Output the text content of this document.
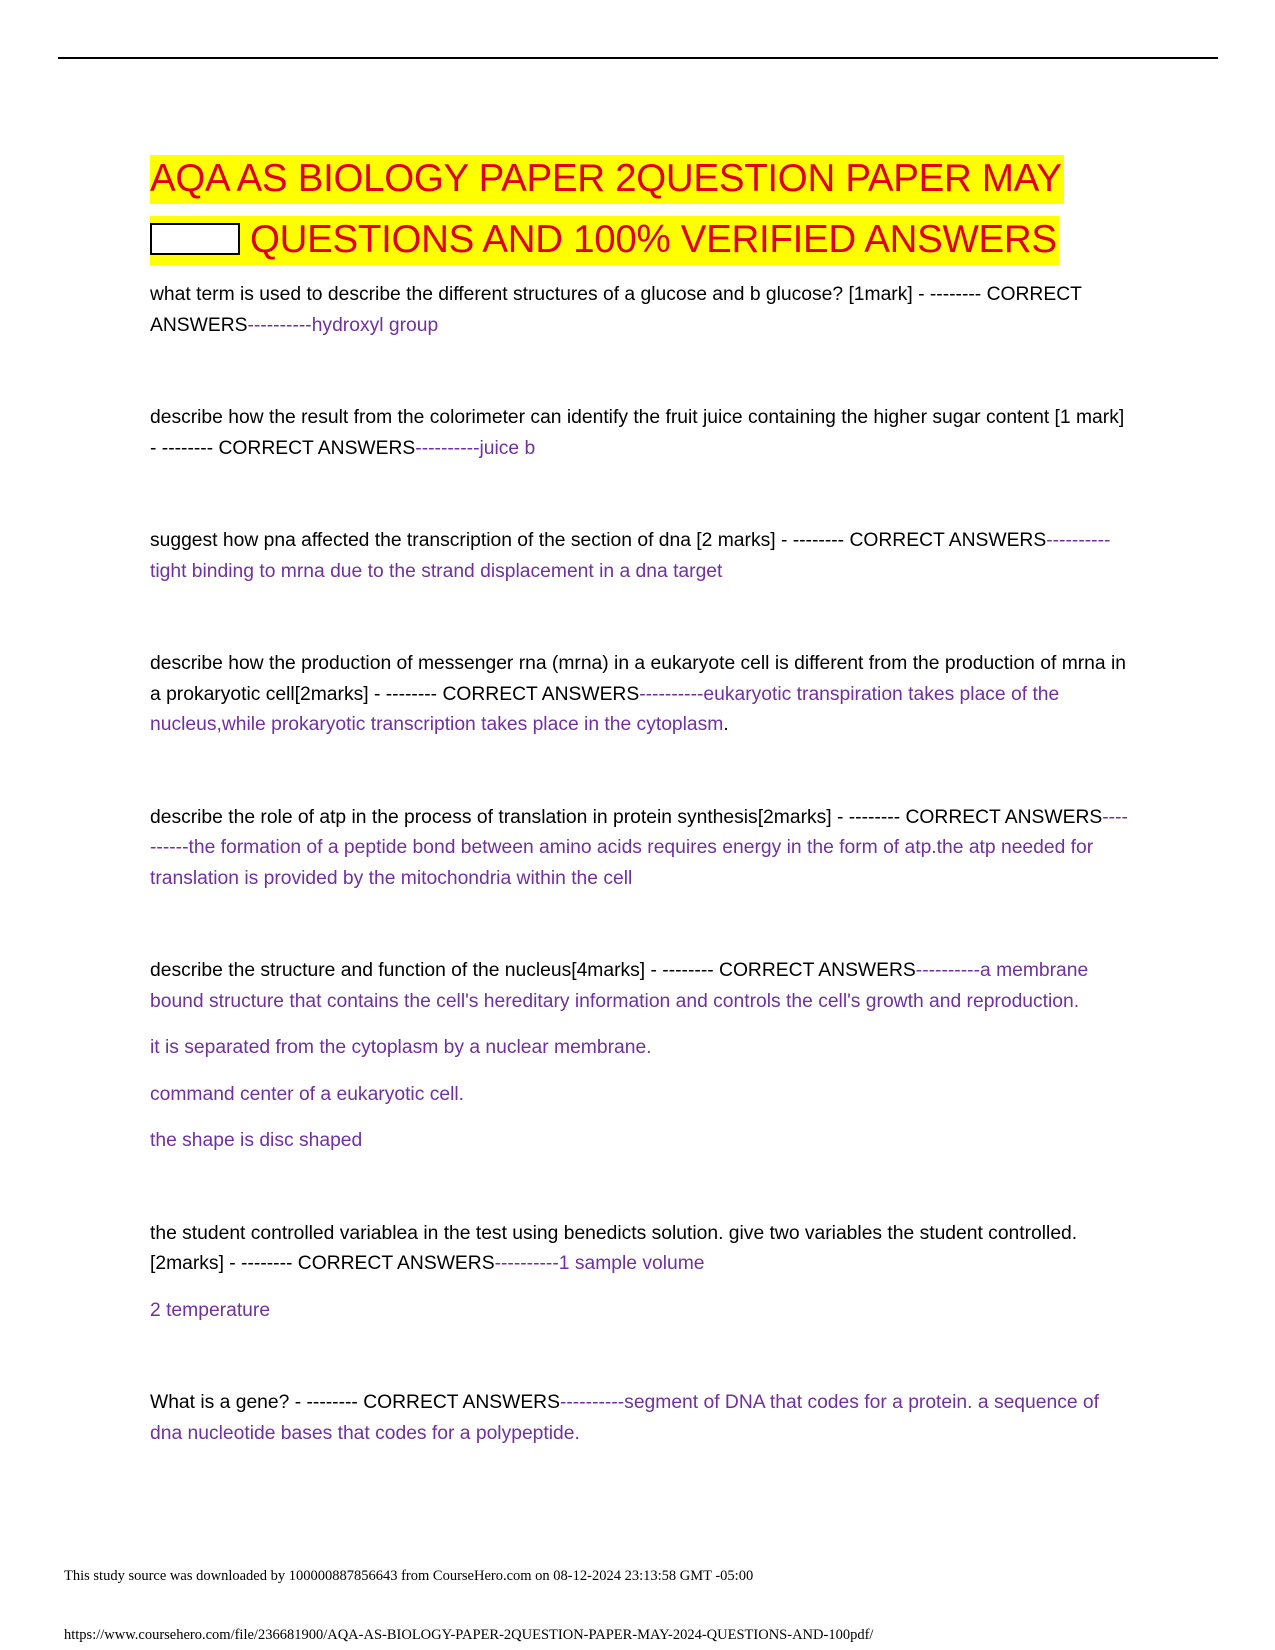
AQA AS BIOLOGY PAPER 2QUESTION PAPER MAY
QUESTIONS AND 100% VERIFIED ANSWERS

what term is used to describe the different structures of a glucose and b glucose? [1mark] - -------- CORRECT ANSWERS----------hydroxyl group

describe how the result from the colorimeter can identify the fruit juice containing the higher sugar content [1 mark] - -------- CORRECT ANSWERS----------juice b

suggest how pna affected the transcription of the section of dna [2 marks] - -------- CORRECT ANSWERS----------tight binding to mrna due to the strand displacement in a dna target

describe how the production of messenger rna (mrna) in a eukaryote cell is different from the production of mrna in a prokaryotic cell[2marks] - -------- CORRECT ANSWERS----------eukaryotic transpiration takes place of the nucleus,while prokaryotic transcription takes place in the cytoplasm.

describe the role of atp in the process of translation in protein synthesis[2marks] - -------- CORRECT ANSWERS----------the formation of a peptide bond between amino acids requires energy in the form of atp.the atp needed for translation is provided by the mitochondria within the cell

describe the structure and function of the nucleus[4marks] - -------- CORRECT ANSWERS----------a membrane bound structure that contains the cell's hereditary information and controls the cell's growth and reproduction.

it is separated from the cytoplasm by a nuclear membrane.

command center of a eukaryotic cell.

the shape is disc shaped

the student controlled variablea in the test using benedicts solution. give two variables the student controlled.[2marks] - -------- CORRECT ANSWERS----------1 sample volume

2 temperature

What is a gene? - -------- CORRECT ANSWERS----------segment of DNA that codes for a protein. a sequence of dna nucleotide bases that codes for a polypeptide.

This study source was downloaded by 100000887856643 from CourseHero.com on 08-12-2024 23:13:58 GMT -05:00
https://www.coursehero.com/file/236681900/AQA-AS-BIOLOGY-PAPER-2QUESTION-PAPER-MAY-2024-QUESTIONS-AND-100pdf/
